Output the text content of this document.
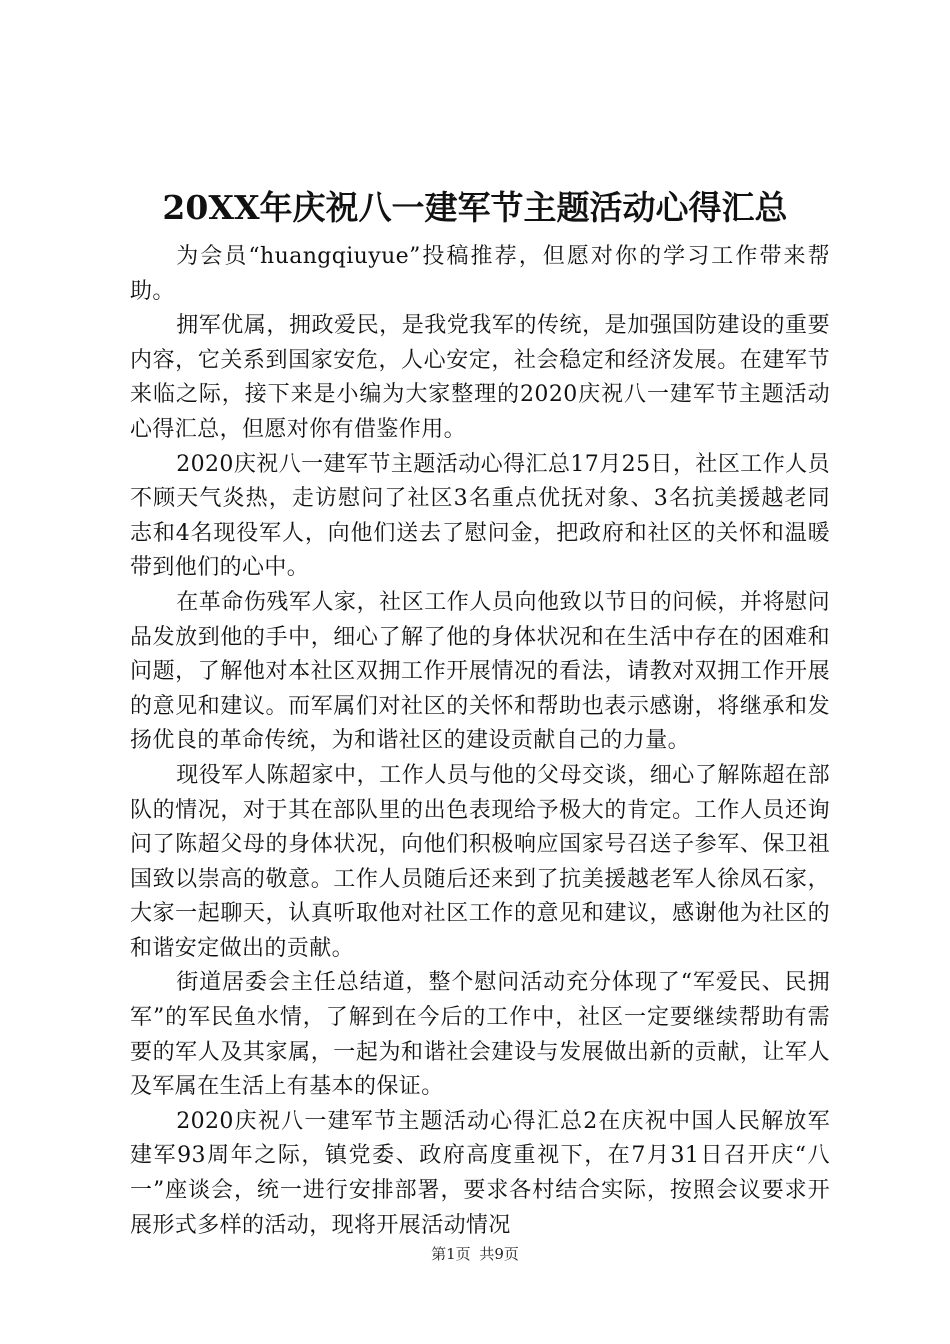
20XX年庆祝八一建军节主题活动心得汇总

为会员“huangqiuyue”投稿推荐，但愿对你的学习工作带来帮助。

拥军优属，拥政爱民，是我党我军的传统，是加强国防建设的重要内容，它关系到国家安危，人心安定，社会稳定和经济发展。在建军节来临之际，接下来是小编为大家整理的2020庆祝八一建军节主题活动心得汇总，但愿对你有借鉴作用。

2020庆祝八一建军节主题活动心得汇总17月25日，社区工作人员不顾天气炎热，走访慰问了社区3名重点优抚对象、3名抗美援越老同志和4名现役军人，向他们送去了慰问金，把政府和社区的关怀和温暖带到他们的心中。

在革命伤残军人家，社区工作人员向他致以节日的问候，并将慰问品发放到他的手中，细心了解了他的身体状况和在生活中存在的困难和问题，了解他对本社区双拥工作开展情况的看法，请教对双拥工作开展的意见和建议。而军属们对社区的关怀和帮助也表示感谢，将继承和发扬优良的革命传统，为和谐社区的建设贡献自己的力量。

现役军人陈超家中，工作人员与他的父母交谈，细心了解陈超在部队的情况，对于其在部队里的出色表现给予极大的肯定。工作人员还询问了陈超父母的身体状况，向他们积极响应国家号召送子参军、保卫祖国致以崇高的敬意。工作人员随后还来到了抗美援越老军人徐凤石家，大家一起聊天，认真听取他对社区工作的意见和建议，感谢他为社区的和谐安定做出的贡献。

街道居委会主任总结道，整个慰问活动充分体现了“军爱民、民拥军”的军民鱼水情，了解到在今后的工作中，社区一定要继续帮助有需要的军人及其家属，一起为和谐社会建设与发展做出新的贡献，让军人及军属在生活上有基本的保证。

2020庆祝八一建军节主题活动心得汇总2在庆祝中国人民解放军建军93周年之际，镇党委、政府高度重视下，在7月31日召开庆“八一”座谈会，统一进行安排部署，要求各村结合实际，按照会议要求开展形式多样的活动，现将开展活动情况

第1页 共9页
